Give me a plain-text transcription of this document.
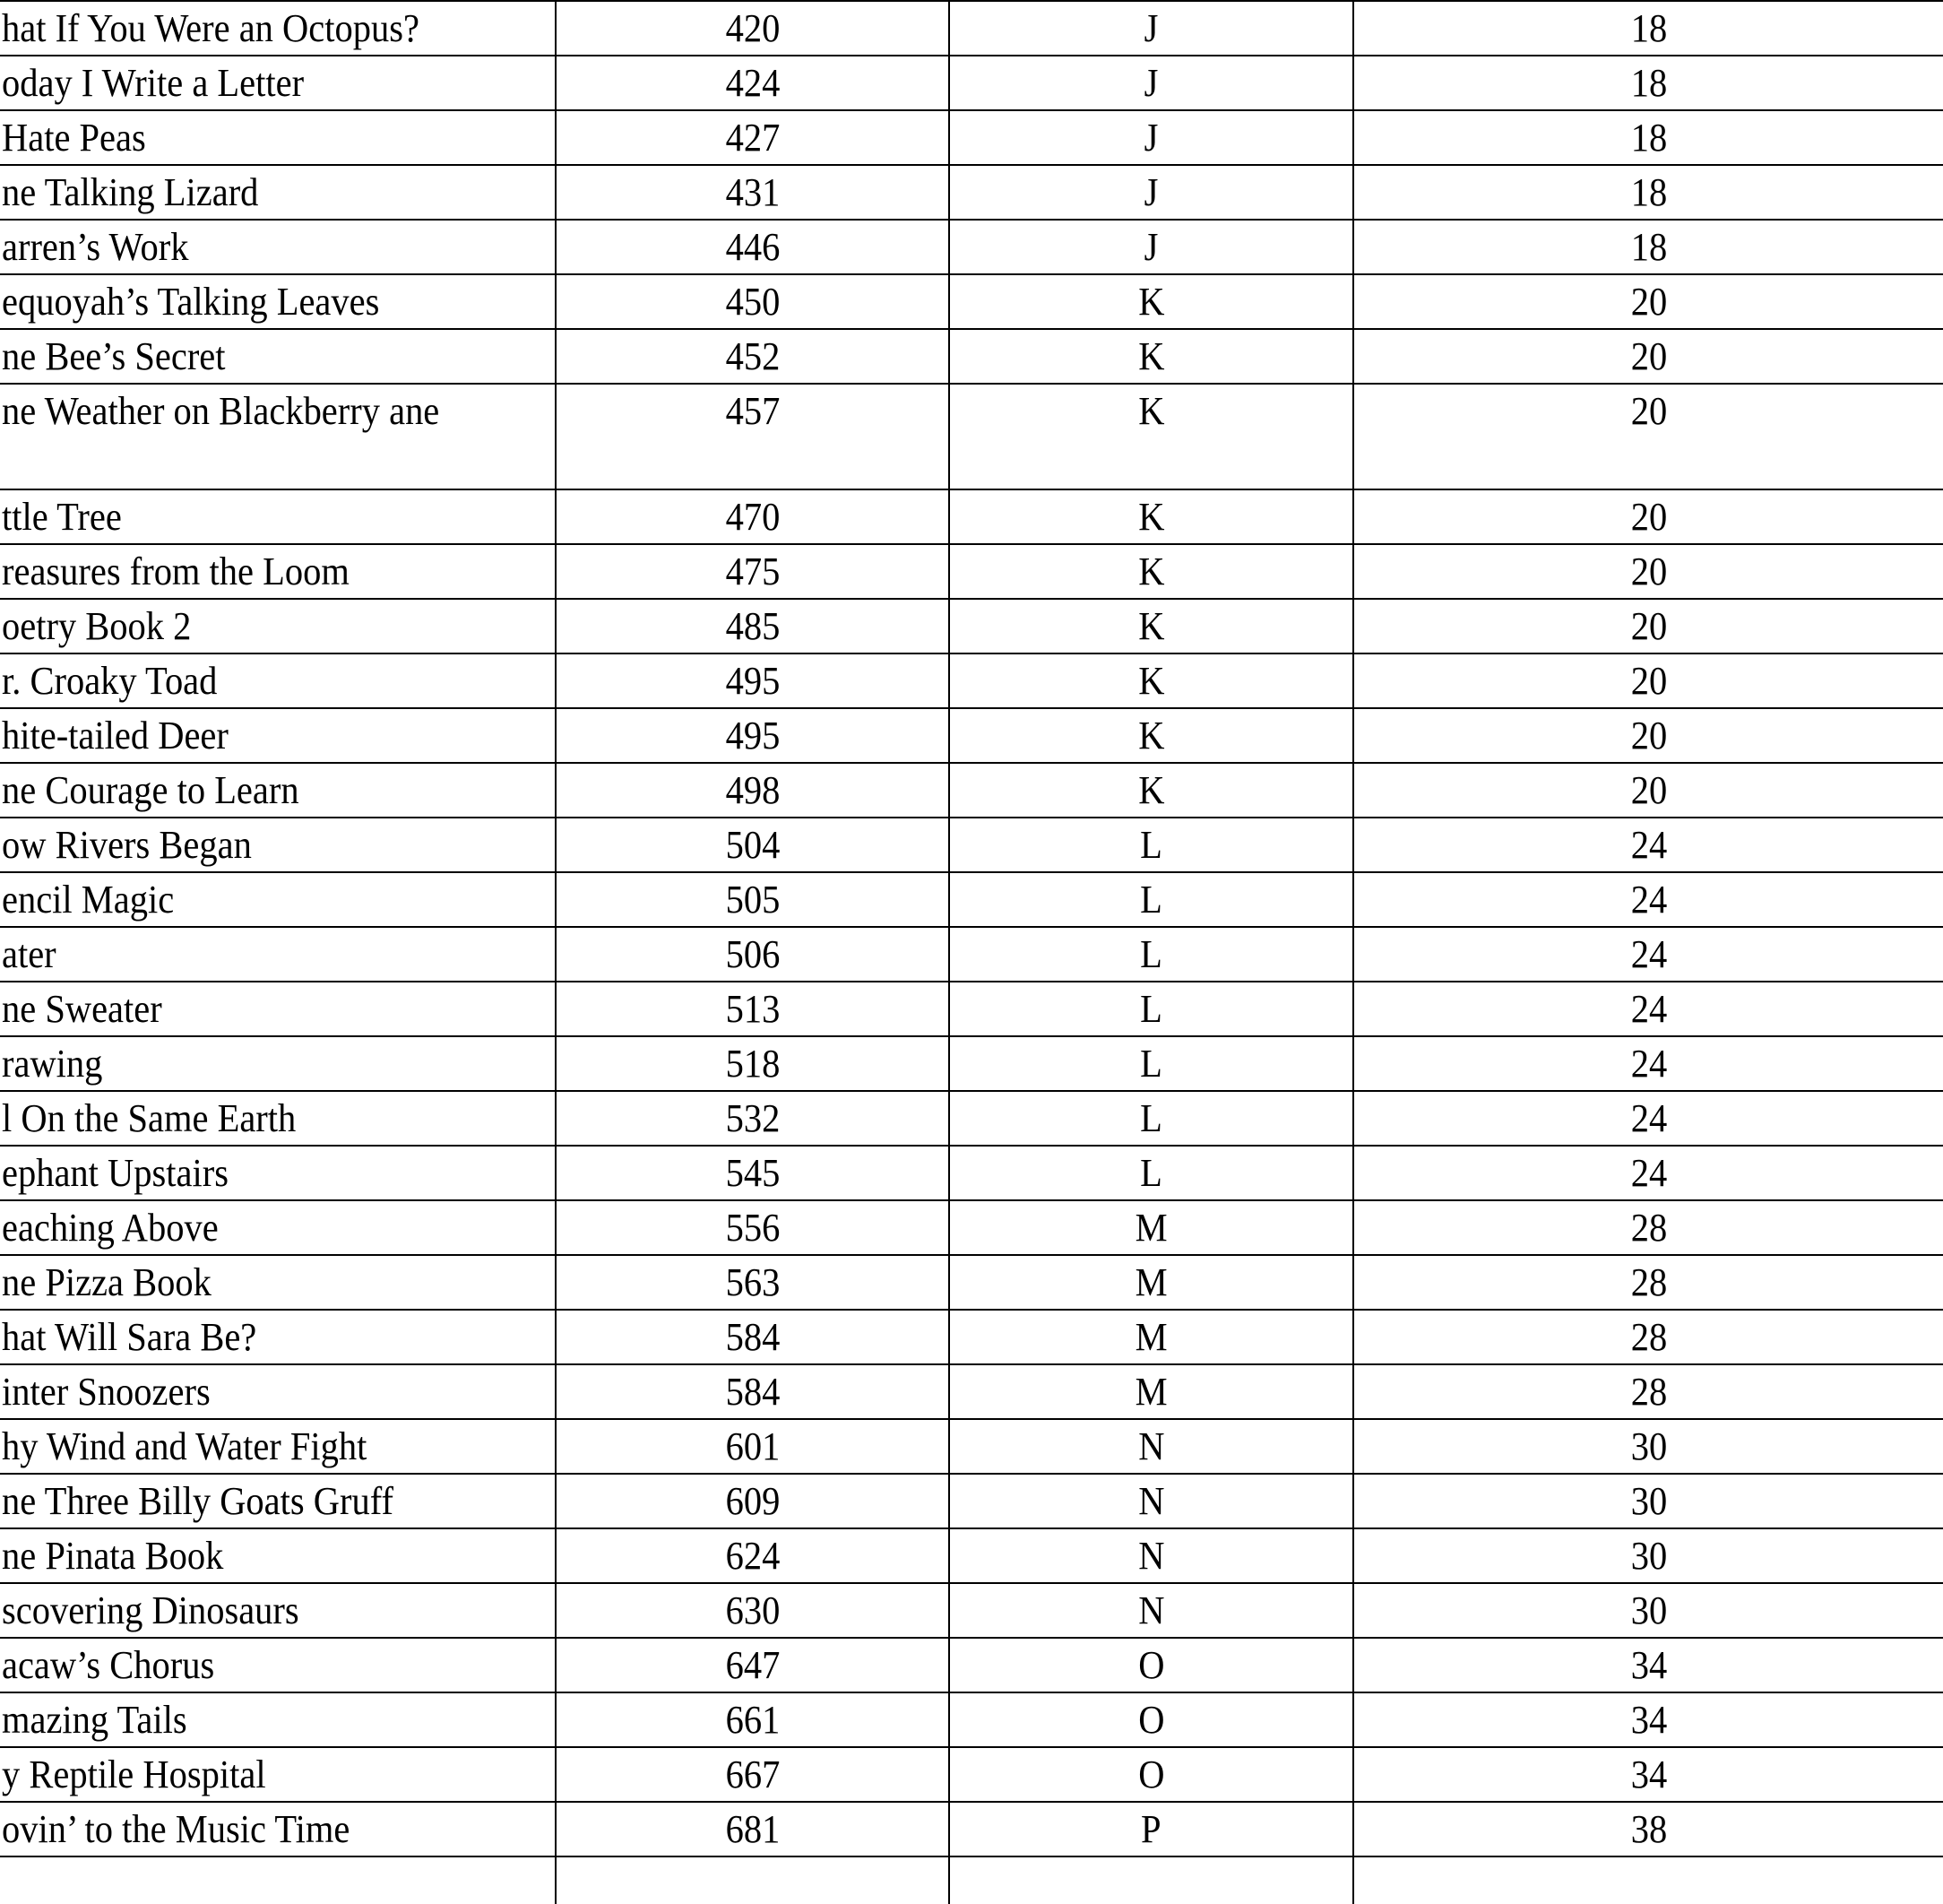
hat If You Were an Octopus?	420	J	18

oday I Write a Letter	424	J	18

Hate Peas	427	J	18

ne Talking Lizard	431	J	18

arren’s Work	446	J	18

equoyah’s Talking Leaves	450	K	20

ne Bee’s Secret	452	K	20

ne Weather on Blackberry ane	457	K	20

ttle Tree	470	K	20

reasures from the Loom	475	K	20

oetry Book 2	485	K	20

r. Croaky Toad	495	K	20

hite-tailed Deer	495	K	20

ne Courage to Learn	498	K	20

ow Rivers Began	504	L	24

encil Magic	505	L	24

ater	506	L	24

ne Sweater	513	L	24

rawing	518	L	24

l On the Same Earth	532	L	24

ephant Upstairs	545	L	24

eaching Above	556	M	28

ne Pizza Book	563	M	28

hat Will Sara Be?	584	M	28

inter Snoozers	584	M	28

hy Wind and Water Fight	601	N	30

ne Three Billy Goats Gruff	609	N	30

ne Pinata Book	624	N	30

scovering Dinosaurs	630	N	30

acaw’s Chorus	647	O	34

mazing Tails	661	O	34

y Reptile Hospital	667	O	34

ovin’ to the Music Time	681	P	38
